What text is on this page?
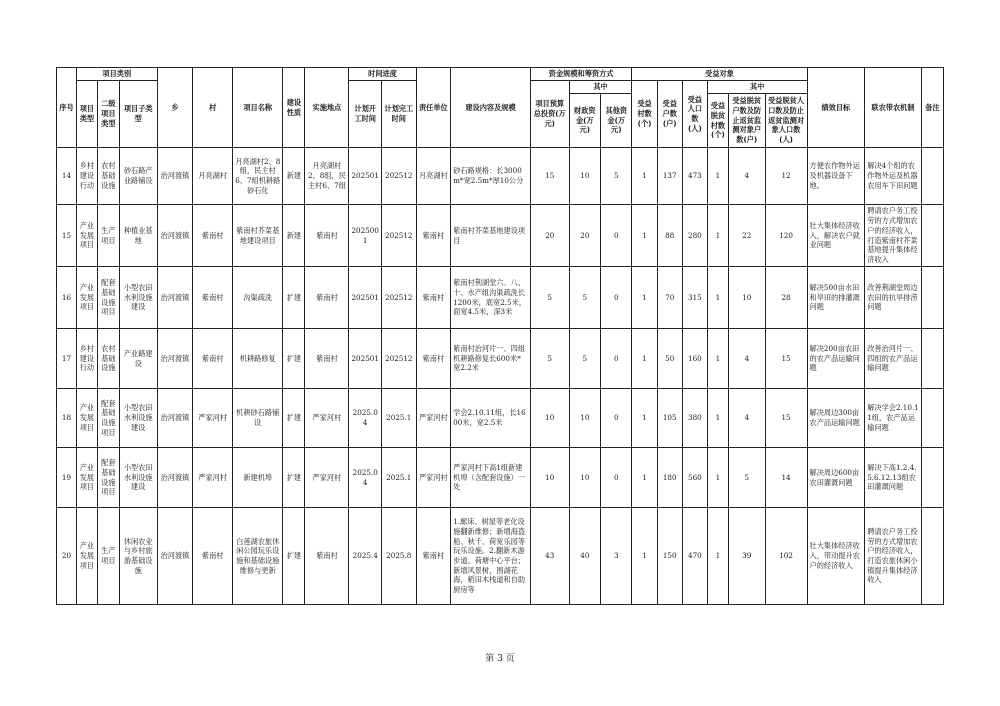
序号	项目类别			乡	村	项目名称	建设性质	实施地点	时间进度		责任单位	建设内容及规模	资金规模和筹资方式			受益对象						绩效目标	联农带农机制	备注
	项目类型	二级项目类型	项目子类型						计划开工时间	计划完工时间			项目预算总投资(万元)	其中		受益村数(个)	受益户数(户)	受益人口数(人)	其中					
														财政资金(万元)	其他资金(万元)				受益脱贫村数(个)	受益脱贫户数及防止返贫监测对象户数(户)	受益脱贫人口数及防止返贫监测对象人口数(人)			
14	乡村建设行动	农村基础设施	砂石路产业路铺设	治河渡镇	月亮湖村	月亮湖村2、8组，民主村6、7组机耕路砂石化	新建	月亮湖村2、8组，民主村6、7组	202501	202512	月亮湖村	砂石路规格：长3000m*宽2.5m*厚10公分	15	10	5	1	137	473	1	4	12	方便农作物外运及机器设备下地。	解决4个组的农作物外运及机器农用车下田问题	
15	产业发展项目	生产项目	种植业基地	治河渡镇	紫南村	紫南村芥菜基地建设项目	新建	紫南村	2025001	202512	紫南村	紫南村芥菜基地建设项目	20	20	0	1	88	280	1	22	120	壮大集体经济收入，解决农户就业问题	聘请农户务工投劳的方式增加农户的经济收入，打造紫南村芥菜基地提升集体经济收入	
16	产业发展项目	配套基础设施项目	小型农田水利设施建设	治河渡镇	紫南村	沟渠疏洗	扩建	紫南村	202501	202512	紫南村	紫南村荆湖堂六、八、十、水产组沟渠疏洗长1200米，底宽2.5米，面宽4.5米，深3米	5	5	0	1	70	315	1	10	28	解决500亩水田和旱田的排灌溉问题	改善荆湖堂周边农田的抗旱排涝问题	
17	乡村建设行动	农村基础设施	产业路建设	治河渡镇	紫南村	机耕路修复	扩建	紫南村	202501	202512	紫南村	紫南村治河片一、四组机耕路修复长600米*宽2.2米	5	5	0	1	50	160	1	4	15	解决200亩农田的农产品运输问题	改善治河片一、四组的农产品运输问题	
18	产业发展项目	配套基础设施项目	小型农田水利设施建设	治河渡镇	严家河村	机耕砂石路铺设	扩建	严家河村	2025.04	2025.1	严家河村	学会2.10.11组，长1600米，宽2.5米	10	10	0	1	105	380	1	4	15	解决周边300亩农产品运输问题	解决学会2.10.11组，农产品运输问题	
19	产业发展项目	配套基础设施项目	小型农田水利设施建设	治河渡镇	严家河村	新建机埠	扩建	严家河村	2025.04	2025.1	严家河村	严家河村下高1组新建机埠（含配套设施）一处	10	10	0	1	180	560	1	5	14	解决周边600亩农田灌溉问题	解决下高1.2.4.5.6.12.13组农田灌溉问题	
20	产业发展项目	生产项目	休闲农业与乡村旅游基础设施	治河渡镇	紫南村	白莲湖农旅休闲公园玩乐设施和基础设施维修与更新	扩建	紫南村	2025.4	2025.8	紫南村	1.廊床、树屋等老化设施翻新维修；新增海盗船、秋千、荷宽乐园等玩乐设施。2.翻新木游步道、荷塘中心平台；新增风景树，围湖花海，稻田木栈道和自助厨房等	43	40	3	1	150	470	1	39	102	壮大集体经济收入，带动提升农户的经济收入	聘请农户务工投劳的方式增加农户的经济收入，打造农旅休闲小镇提升集体经济收入	
第 3 页
